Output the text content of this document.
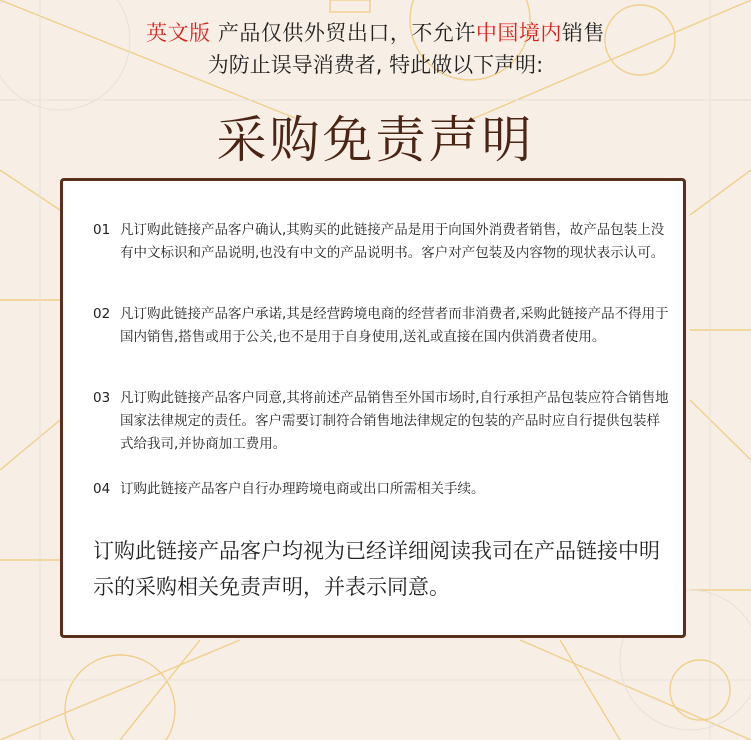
英文版 产品仅供外贸出口，不允许中国境内销售
为防止误导消费者, 特此做以下声明:
采购免责声明
01 凡订购此链接产品客户确认,其购买的此链接产品是用于向国外消费者销售，故产品包装上没有中文标识和产品说明,也没有中文的产品说明书。客户对产包装及内容物的现状表示认可。
02 凡订购此链接产品客户承诺,其是经营跨境电商的经营者而非消费者,采购此链接产品不得用于国内销售,搭售或用于公关,也不是用于自身使用,送礼或直接在国内供消费者使用。
03 凡订购此链接产品客户同意,其将前述产品销售至外国市场时,自行承担产品包装应符合销售地国家法律规定的责任。客户需要订制符合销售地法律规定的包装的产品时应自行提供包装样式给我司,并协商加工费用。
04 订购此链接产品客户自行办理跨境电商或出口所需相关手续。
订购此链接产品客户均视为已经详细阅读我司在产品链接中明示的采购相关免责声明，并表示同意。
